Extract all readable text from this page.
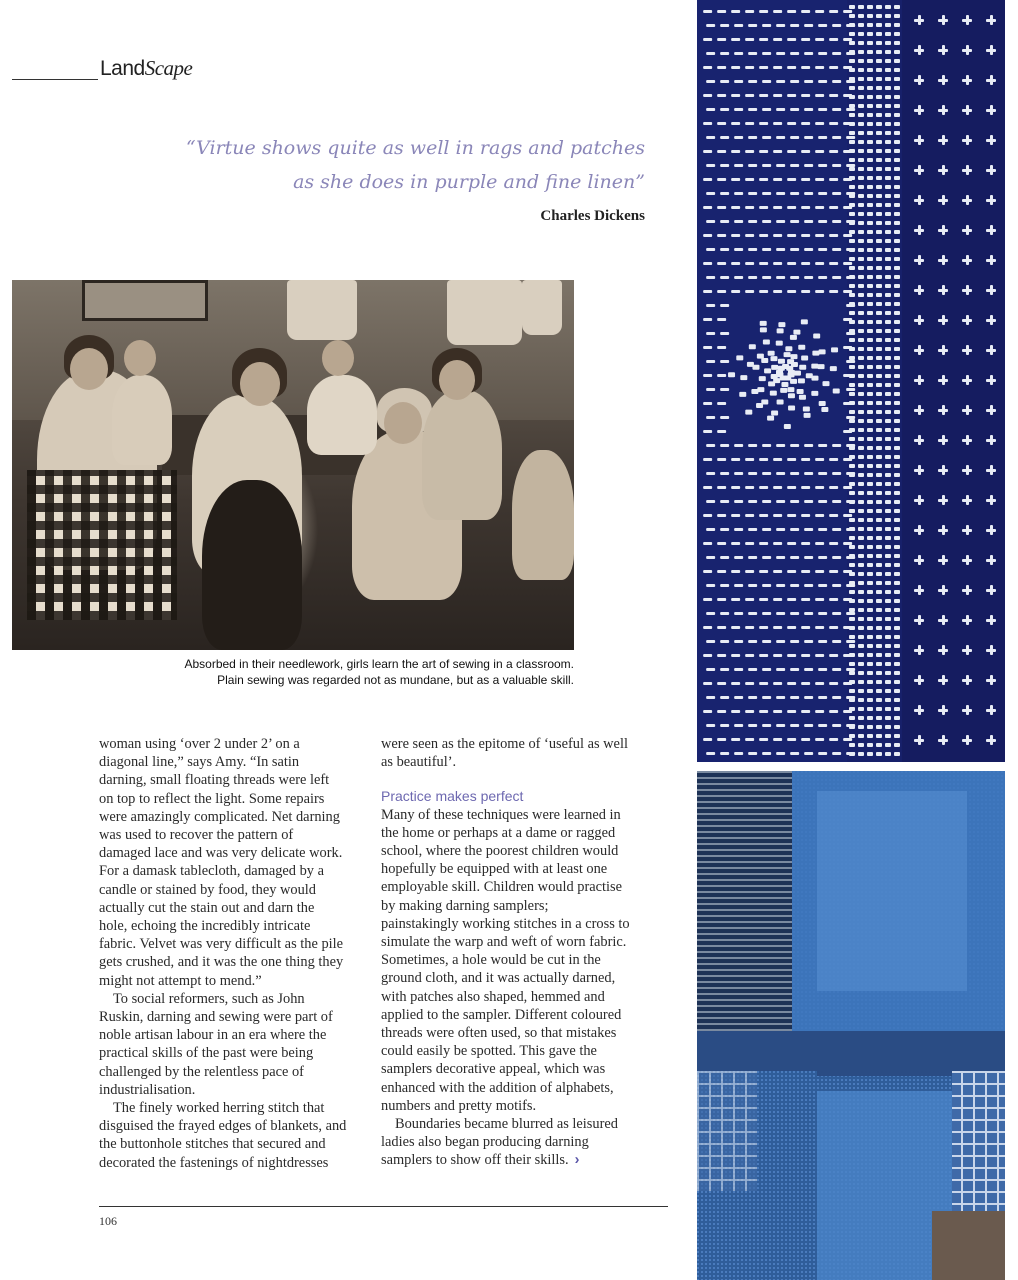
LandScape
“Virtue shows quite as well in rags and patches
as she does in purple and fine linen”
Charles Dickens
Absorbed in their needlework, girls learn the art of sewing in a classroom.
Plain sewing was regarded not as mundane, but as a valuable skill.
woman using ‘over 2 under 2’ on a
diagonal line,” says Amy. “In satin
darning, small floating threads were left
on top to reflect the light. Some repairs
were amazingly complicated. Net darning
was used to recover the pattern of
damaged lace and was very delicate work.
For a damask tablecloth, damaged by a
candle or stained by food, they would
actually cut the stain out and darn the
hole, echoing the incredibly intricate
fabric. Velvet was very difficult as the pile
gets crushed, and it was the one thing they
might not attempt to mend.”
To social reformers, such as John
Ruskin, darning and sewing were part of
noble artisan labour in an era where the
practical skills of the past were being
challenged by the relentless pace of
industrialisation.
The finely worked herring stitch that
disguised the frayed edges of blankets, and
the buttonhole stitches that secured and
decorated the fastenings of nightdresses
were seen as the epitome of ‘useful as well
as beautiful’.
Practice makes perfect
Many of these techniques were learned in
the home or perhaps at a dame or ragged
school, where the poorest children would
hopefully be equipped with at least one
employable skill. Children would practise
by making darning samplers;
painstakingly working stitches in a cross to
simulate the warp and weft of worn fabric.
Sometimes, a hole would be cut in the
ground cloth, and it was actually darned,
with patches also shaped, hemmed and
applied to the sampler. Different coloured
threads were often used, so that mistakes
could easily be spotted. This gave the
samplers decorative appeal, which was
enhanced with the addition of alphabets,
numbers and pretty motifs.
Boundaries became blurred as leisured
ladies also began producing darning
samplers to show off their skills. ›
106
